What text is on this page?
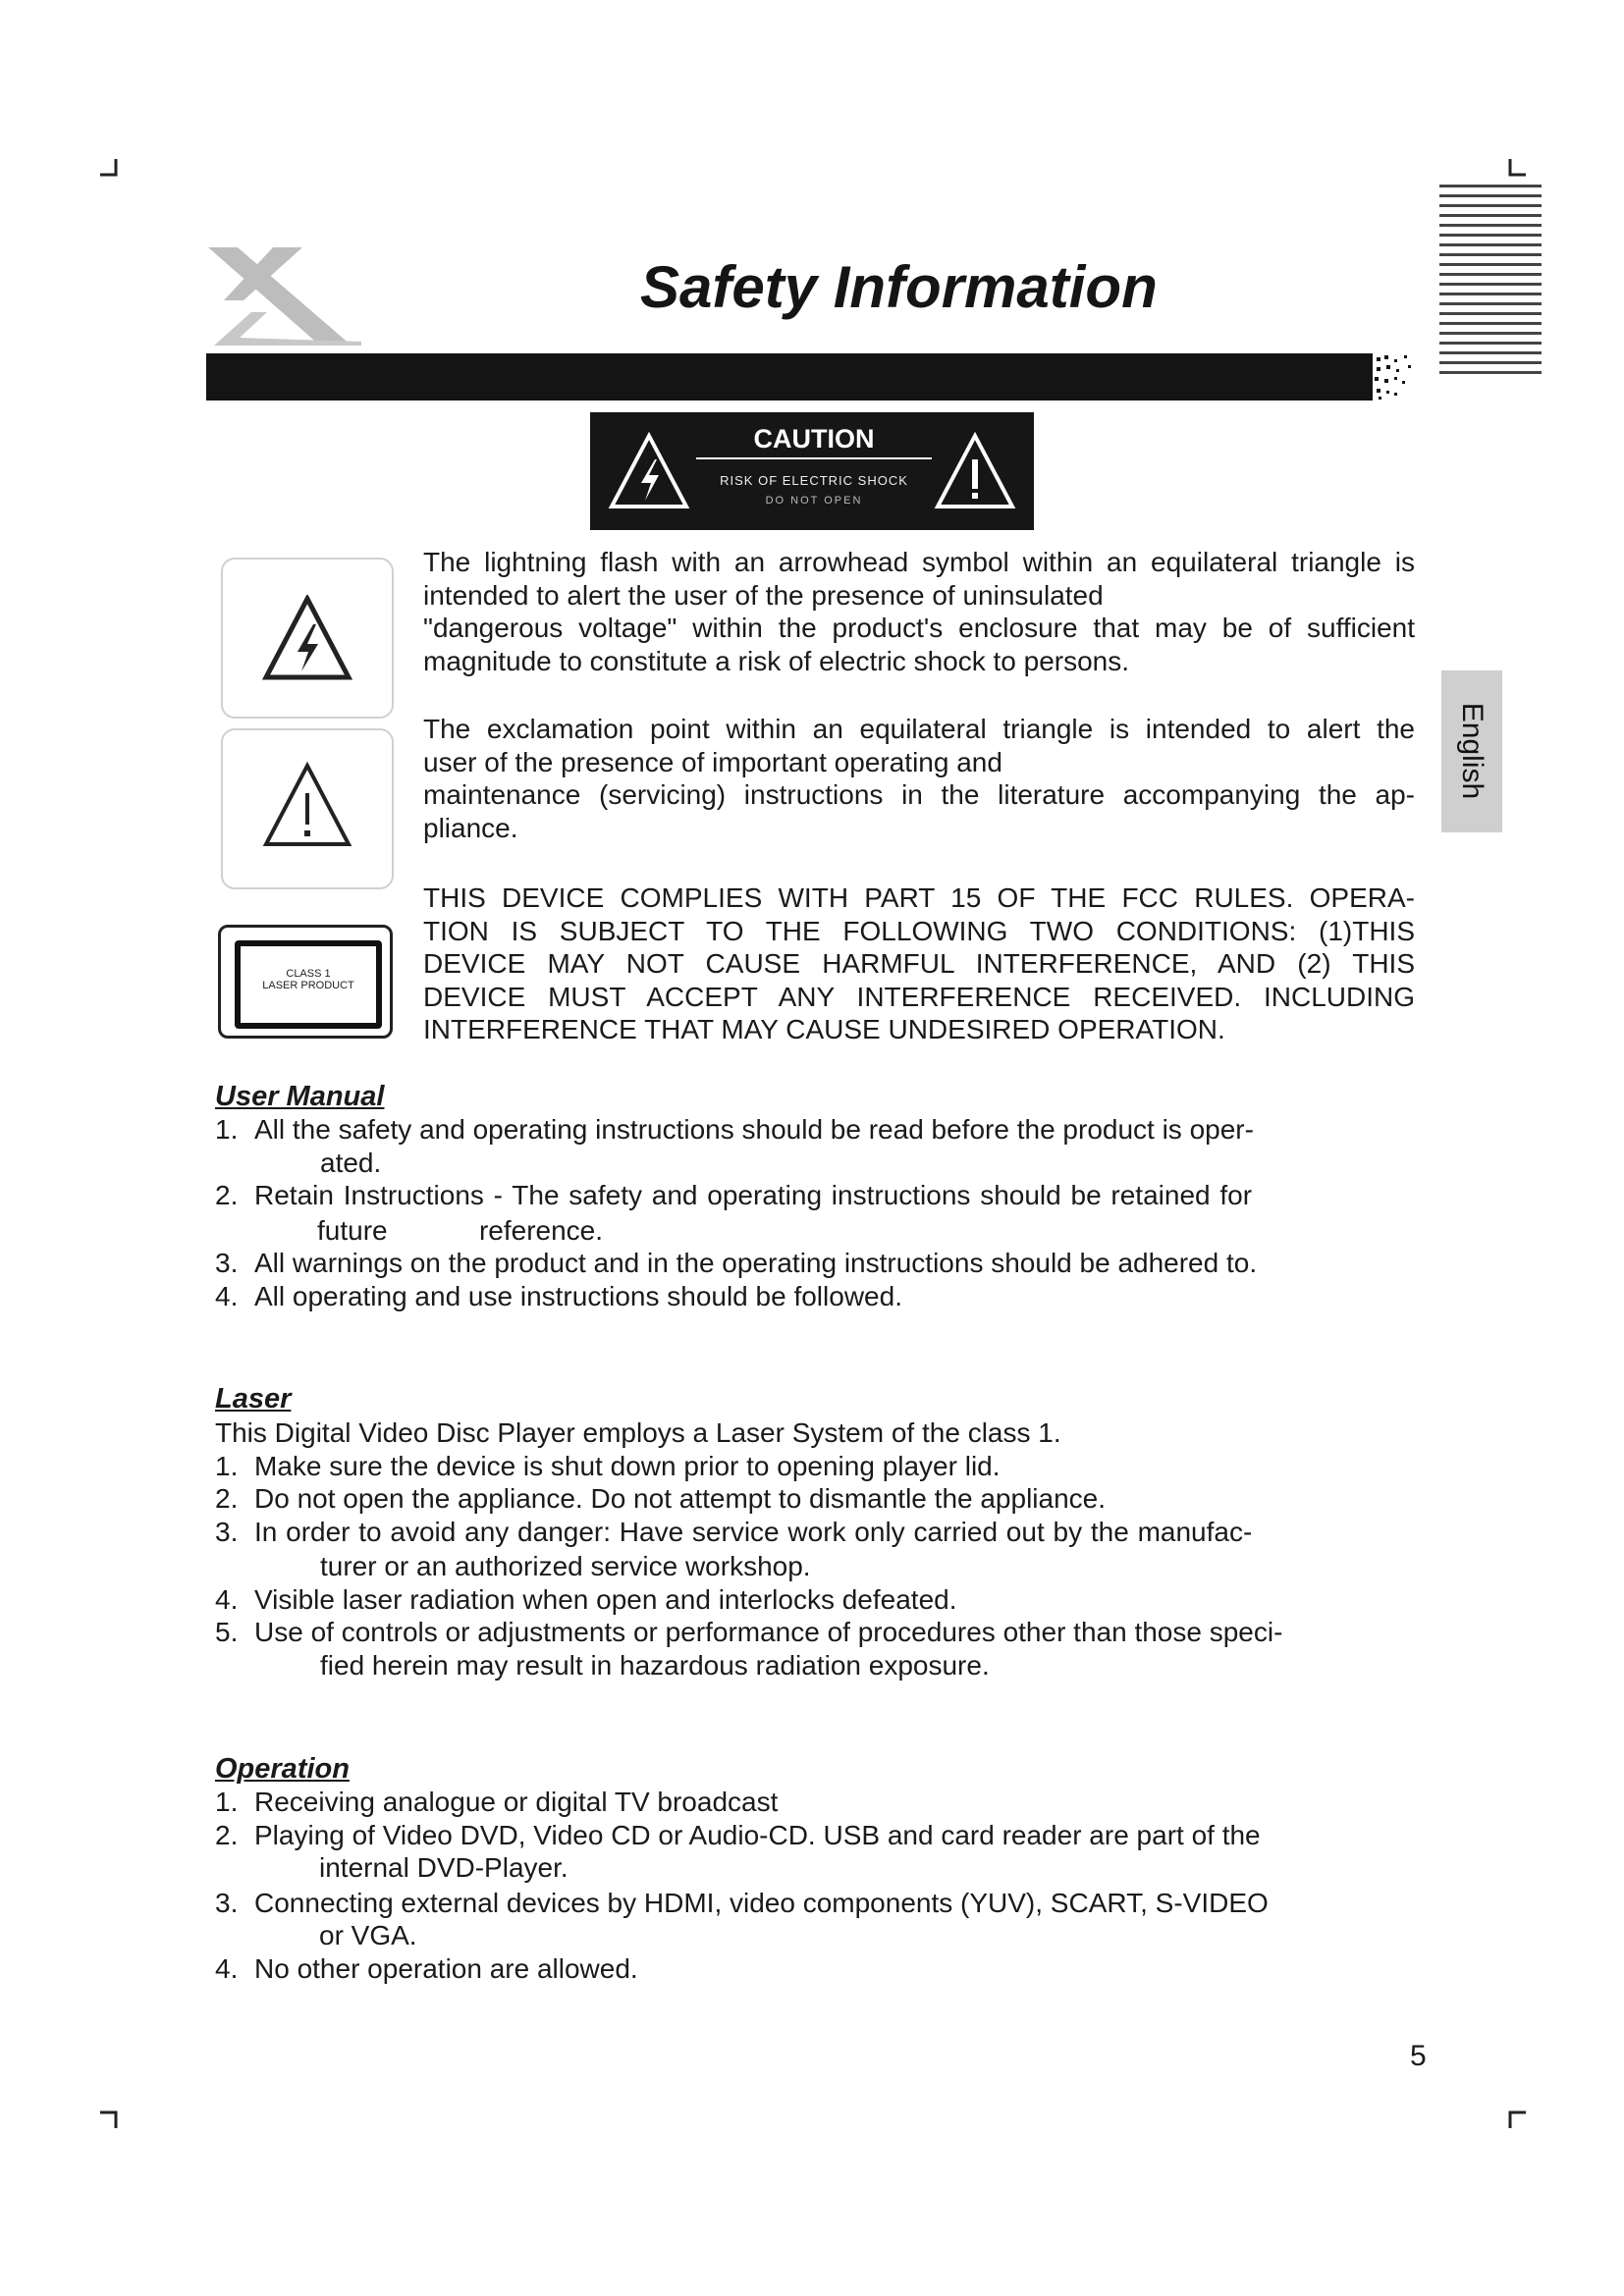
Safety Information
CAUTION
RISK OF ELECTRIC SHOCK
DO NOT OPEN
CLASS 1
LASER PRODUCT
The lightning flash with an arrowhead symbol within an equilateral triangle is
intended to alert the user of the presence of uninsulated
"dangerous voltage" within the product's enclosure that may be of sufficient
magnitude to constitute a risk of electric shock to persons.
The exclamation point within an equilateral triangle is intended to alert the
user of the presence of important operating and
maintenance (servicing) instructions in the literature accompanying the ap-
pliance.
THIS DEVICE COMPLIES WITH PART 15 OF THE FCC RULES. OPERA-
TION IS SUBJECT TO THE FOLLOWING TWO CONDITIONS: (1)THIS
DEVICE MAY NOT CAUSE HARMFUL INTERFERENCE, AND (2) THIS
DEVICE MUST ACCEPT ANY INTERFERENCE RECEIVED. INCLUDING
INTERFERENCE THAT MAY CAUSE UNDESIRED OPERATION.
English
User Manual
1. All the safety and operating instructions should be read before the product is oper-
ated.
2. Retain Instructions - The safety and operating instructions should be retained for
future            reference.
3. All warnings on the product and in the operating instructions should be adhered to.
4. All operating and use instructions should be followed.
Laser
This Digital Video Disc Player employs a Laser System of the class 1.
1. Make sure the device is shut down prior to opening player lid.
2. Do not open the appliance. Do not attempt to dismantle the appliance.
3. In order to avoid any danger: Have service work only carried out by the manufac-
turer or an authorized service workshop.
4. Visible laser radiation when open and interlocks defeated.
5. Use of controls or adjustments or performance of procedures other than those speci-
fied herein may result in hazardous radiation exposure.
Operation
1. Receiving analogue or digital TV broadcast
2. Playing of Video DVD, Video CD or Audio-CD. USB and card reader are part of the
internal DVD-Player.
3. Connecting external devices by HDMI, video components (YUV), SCART, S-VIDEO
or VGA.
4. No other operation are allowed.
5
